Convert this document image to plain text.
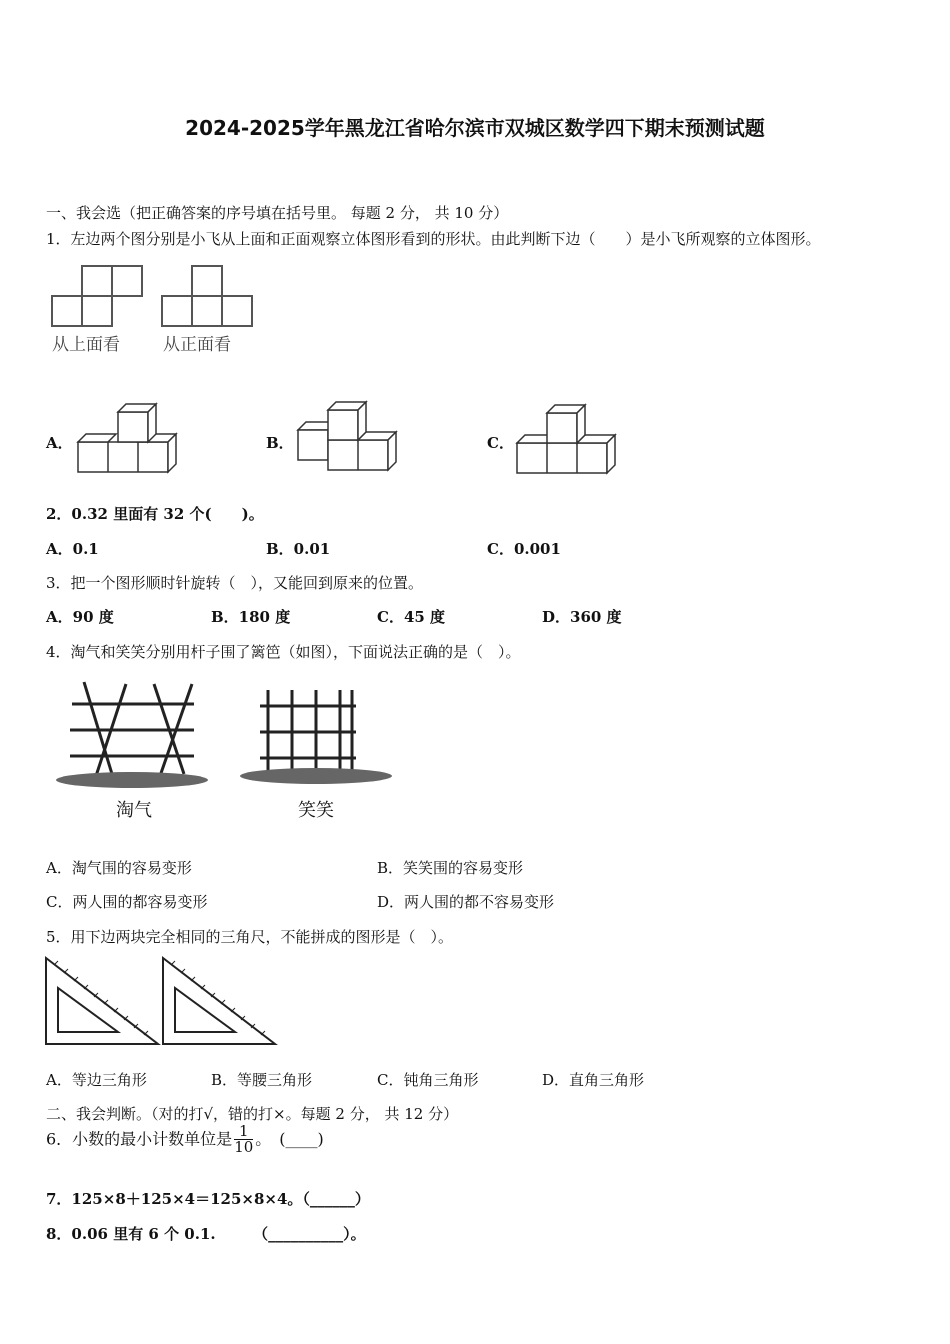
2024-2025学年黑龙江省哈尔滨市双城区数学四下期末预测试题
一、我会选（把正确答案的序号填在括号里。 每题 2 分， 共 10 分）
1．左边两个图分别是小飞从上面和正面观察立体图形看到的形状。由此判断下边（　　）是小飞所观察的立体图形。
从上面看	从正面看
A．	B．	C．
2．0.32 里面有 32 个(　　)。
A．0.1	B．0.01	C．0.001
3．把一个图形顺时针旋转（　），又能回到原来的位置。
A．90 度	B．180 度	C．45 度	D．360 度
4．淘气和笑笑分别用杆子围了篱笆（如图），下面说法正确的是（　）。
淘气	笑笑
A．淘气围的容易变形	B．笑笑围的容易变形
C．两人围的都容易变形	D．两人围的都不容易变形
5．用下边两块完全相同的三角尺，不能拼成的图形是（　）。
A．等边三角形	B．等腰三角形	C．钝角三角形	D．直角三角形
二、我会判断。（对的打√，错的打×。每题 2 分， 共 12 分）
6．小数的最小计数单位是 $\frac{1}{10}$ 。　(____)
7．125×8＋125×4＝125×8×4。（______）
8．0.06 里有 6 个 0.1.　　　（__________）。
